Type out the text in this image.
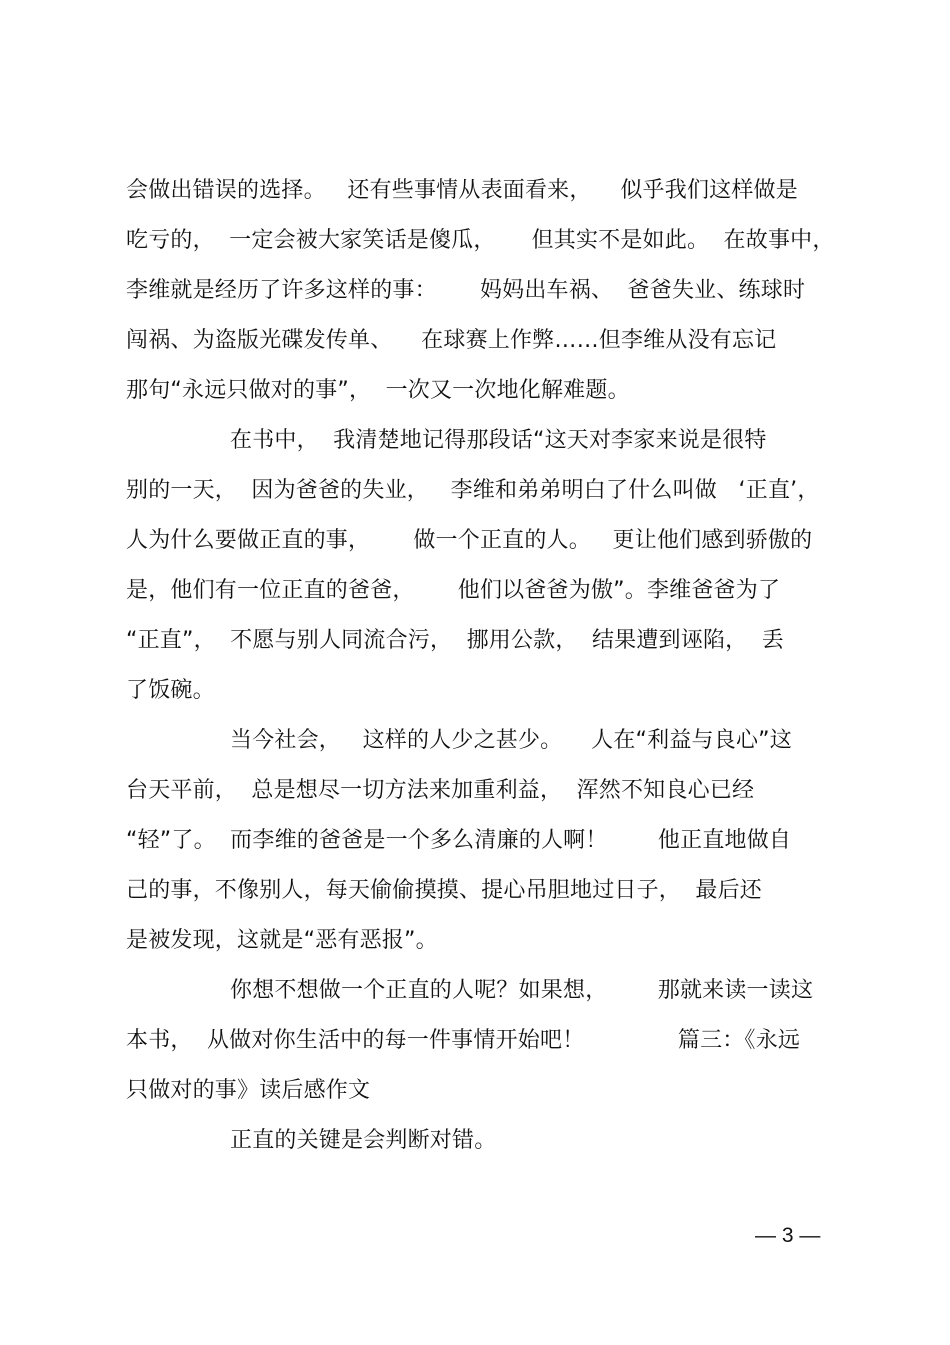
会做出错误的选择。   还有些事情从表面看来，    似乎我们这样做是
吃亏的，  一定会被大家笑话是傻瓜，     但其实不是如此。  在故事中，
李维就是经历了许多这样的事：      妈妈出车祸、  爸爸失业、练球时
闯祸、为盗版光碟发传单、    在球赛上作弊……但李维从没有忘记
那句“永远只做对的事”，  一次又一次地化解难题。
在书中，  我清楚地记得那段话“这天对李家来说是很特
别的一天，  因为爸爸的失业，   李维和弟弟明白了什么叫做   ‘正直’，
人为什么要做正直的事，      做一个正直的人。   更让他们感到骄傲的
是，他们有一位正直的爸爸，      他们以爸爸为傲”。李维爸爸为了
“正直”，  不愿与别人同流合污，  挪用公款，  结果遭到诬陷，  丢
了饭碗。
当今社会，   这样的人少之甚少。    人在“利益与良心”这
台天平前，  总是想尽一切方法来加重利益，  浑然不知良心已经
“轻”了。  而李维的爸爸是一个多么清廉的人啊！       他正直地做自
己的事，不像别人，每天偷偷摸摸、提心吊胆地过日子，  最后还
是被发现，这就是“恶有恶报”。
你想不想做一个正直的人呢？如果想，       那就来读一读这
本书，  从做对你生活中的每一件事情开始吧！             篇三：《永远
只做对的事》读后感作文
正直的关键是会判断对错。
— 3 —
